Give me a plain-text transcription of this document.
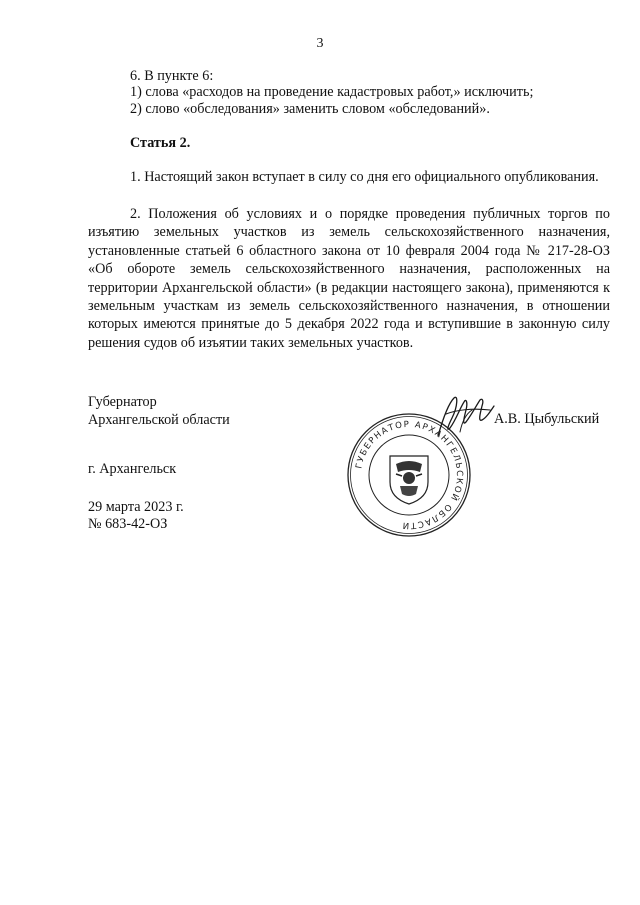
3
6. В пункте 6:
1) слова «расходов на проведение кадастровых работ,» исключить;
2) слово «обследования» заменить словом «обследований».
Статья 2.
1. Настоящий закон вступает в силу со дня его официального опубликования.
2. Положения об условиях и о порядке проведения публичных торгов по изъятию земельных участков из земель сельскохозяйственного назначения, установленные статьей 6 областного закона от 10 февраля 2004 года № 217-28-ОЗ «Об обороте земель сельскохозяйственного назначения, расположенных на территории Архангельской области» (в редакции настоящего закона), применяются к земельным участкам из земель сельскохозяйственного назначения, в отношении которых имеются принятые до 5 декабря 2022 года и вступившие в законную силу решения судов об изъятии таких земельных участков.
Губернатор
Архангельской области	А.В. Цыбульский
г. Архангельск
29 марта 2023 г.
№ 683-42-ОЗ
ГУБЕРНАТОР АРХАНГЕЛЬСКОЙ ОБЛАСТИ
